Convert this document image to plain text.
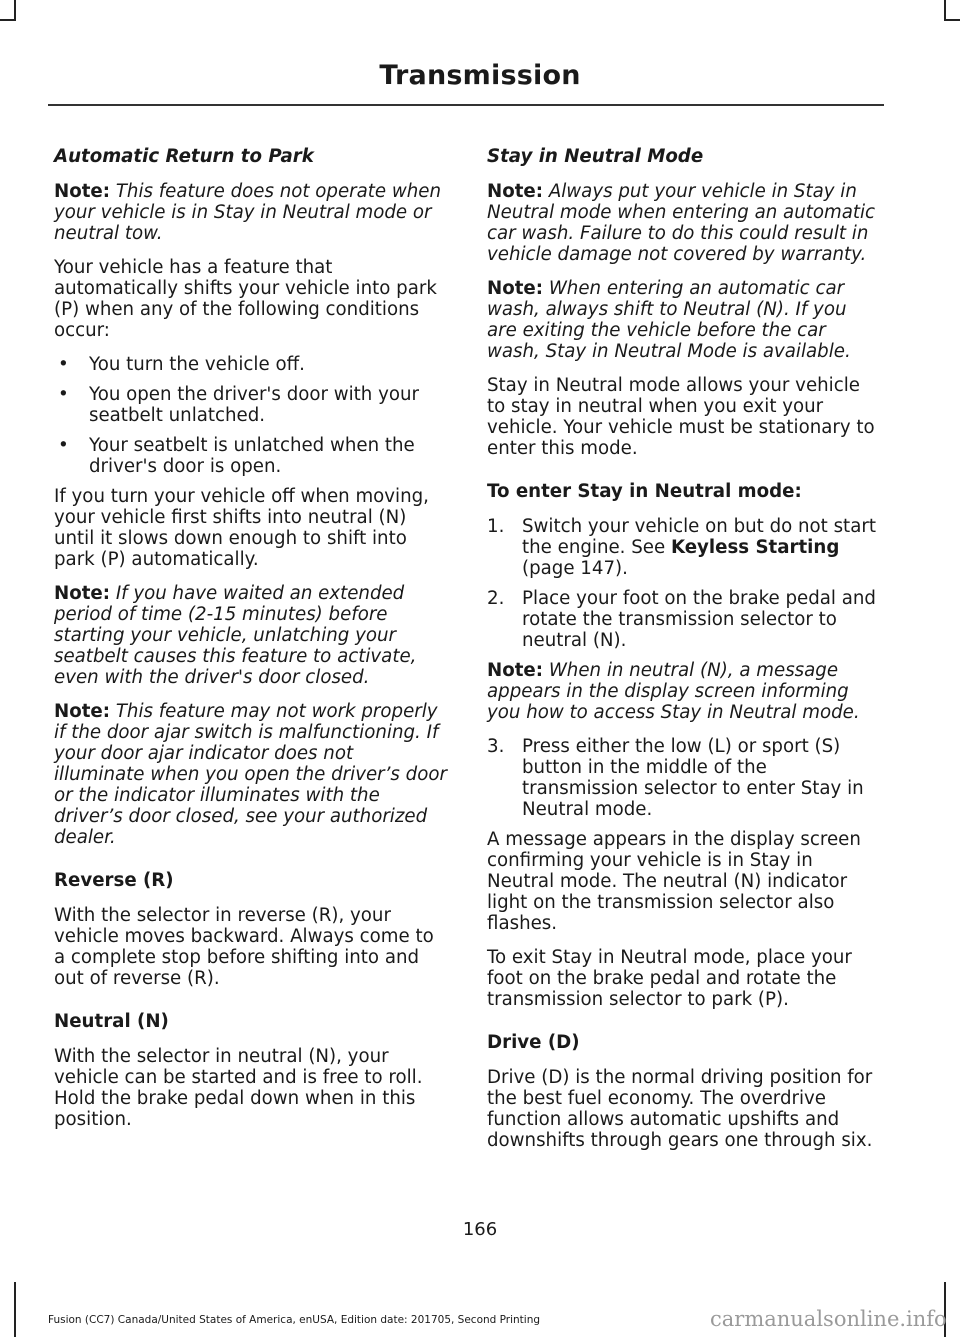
Transmission
Automatic Return to Park

Note: This feature does not operate when your vehicle is in Stay in Neutral mode or neutral tow.

Your vehicle has a feature that automatically shifts your vehicle into park (P) when any of the following conditions occur:

• You turn the vehicle off.
• You open the driver's door with your seatbelt unlatched.
• Your seatbelt is unlatched when the driver's door is open.

If you turn your vehicle off when moving, your vehicle first shifts into neutral (N) until it slows down enough to shift into park (P) automatically.

Note: If you have waited an extended period of time (2-15 minutes) before starting your vehicle, unlatching your seatbelt causes this feature to activate, even with the driver's door closed.

Note: This feature may not work properly if the door ajar switch is malfunctioning. If your door ajar indicator does not illuminate when you open the driver’s door or the indicator illuminates with the driver’s door closed, see your authorized dealer.

Reverse (R)

With the selector in reverse (R), your vehicle moves backward. Always come to a complete stop before shifting into and out of reverse (R).

Neutral (N)

With the selector in neutral (N), your vehicle can be started and is free to roll. Hold the brake pedal down when in this position.

Stay in Neutral Mode

Note: Always put your vehicle in Stay in Neutral mode when entering an automatic car wash. Failure to do this could result in vehicle damage not covered by warranty.

Note: When entering an automatic car wash, always shift to Neutral (N). If you are exiting the vehicle before the car wash, Stay in Neutral Mode is available.

Stay in Neutral mode allows your vehicle to stay in neutral when you exit your vehicle. Your vehicle must be stationary to enter this mode.

To enter Stay in Neutral mode:
1. Switch your vehicle on but do not start the engine. See Keyless Starting (page 147).
2. Place your foot on the brake pedal and rotate the transmission selector to neutral (N).

Note: When in neutral (N), a message appears in the display screen informing you how to access Stay in Neutral mode.

3. Press either the low (L) or sport (S) button in the middle of the transmission selector to enter Stay in Neutral mode.

A message appears in the display screen confirming your vehicle is in Stay in Neutral mode. The neutral (N) indicator light on the transmission selector also flashes.

To exit Stay in Neutral mode, place your foot on the brake pedal and rotate the transmission selector to park (P).

Drive (D)

Drive (D) is the normal driving position for the best fuel economy. The overdrive function allows automatic upshifts and downshifts through gears one through six.

166
Fusion (CC7) Canada/United States of America, enUSA, Edition date: 201705, Second Printing	carmanualsonline.info
